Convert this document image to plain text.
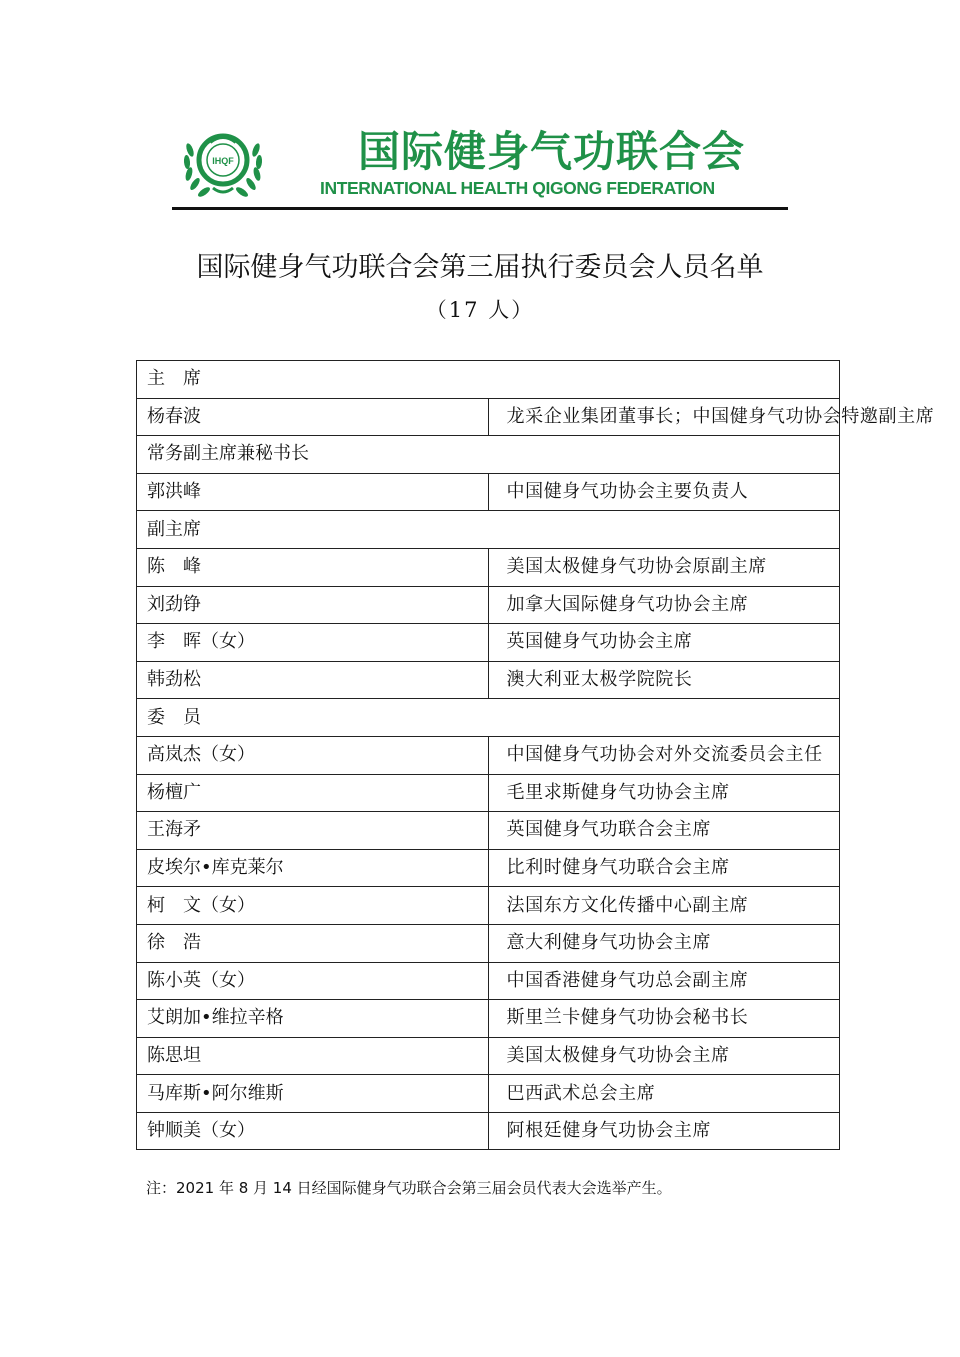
IHQF	国际健身气功联合会
INTERNATIONAL HEALTH QIGONG FEDERATION
国际健身气功联合会第三届执行委员会人员名单
（17 人）
主　席	
杨春波	龙采企业集团董事长；中国健身气功协会特邀副主席
常务副主席兼秘书长	
郭洪峰	中国健身气功协会主要负责人
副主席	
陈　峰	美国太极健身气功协会原副主席
刘劲铮	加拿大国际健身气功协会主席
李　晖（女）	英国健身气功协会主席
韩劲松	澳大利亚太极学院院长
委　员	
高岚杰（女）	中国健身气功协会对外交流委员会主任
杨檀广	毛里求斯健身气功协会主席
王海矛	英国健身气功联合会主席
皮埃尔•库克莱尔	比利时健身气功联合会主席
柯　文（女）	法国东方文化传播中心副主席
徐　浩	意大利健身气功协会主席
陈小英（女）	中国香港健身气功总会副主席
艾朗加•维拉辛格	斯里兰卡健身气功协会秘书长
陈思坦	美国太极健身气功协会主席
马库斯•阿尔维斯	巴西武术总会主席
钟顺美（女）	阿根廷健身气功协会主席
注：2021 年 8 月 14 日经国际健身气功联合会第三届会员代表大会选举产生。
